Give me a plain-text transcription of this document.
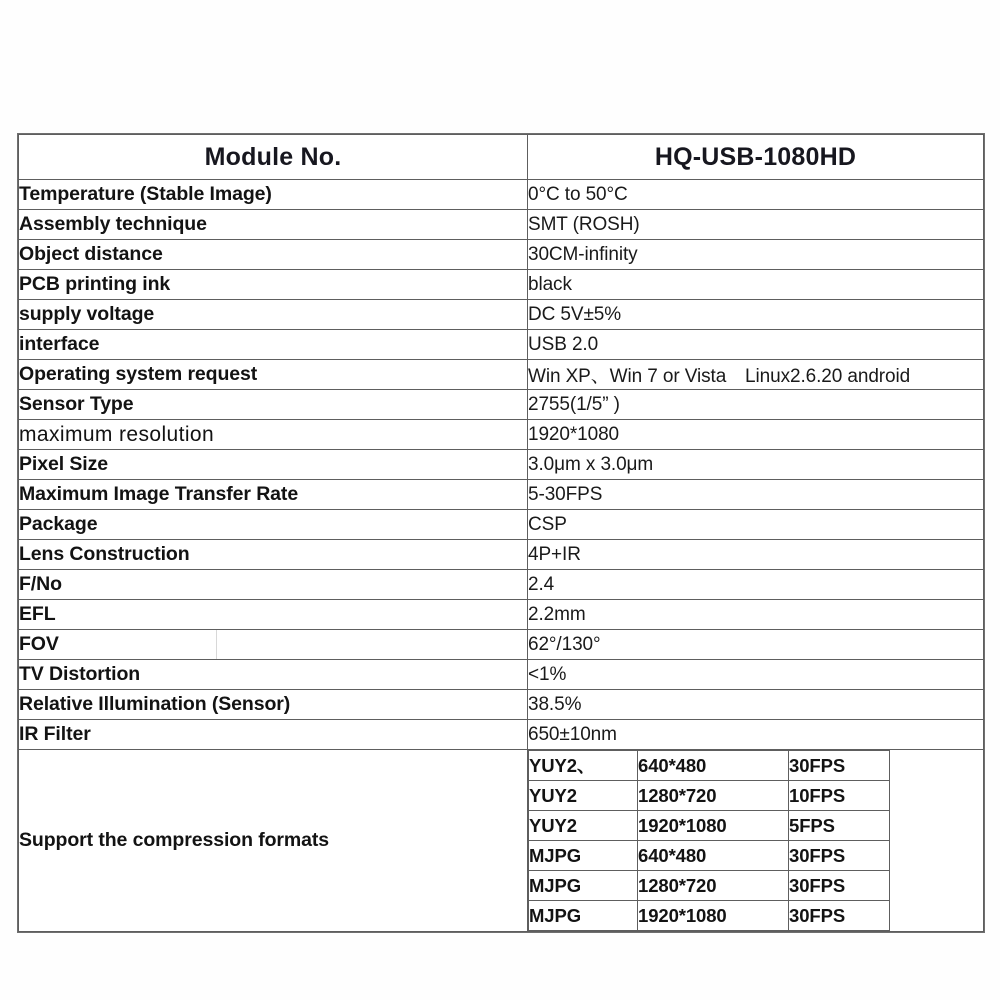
Module No.	HQ-USB-1080HD

Temperature (Stable Image)	0°C to 50°C
Assembly technique	SMT (ROSH)
Object distance	30CM-infinity
PCB printing ink	black
supply voltage	DC 5V±5%
interface	USB 2.0
Operating system request	Win XP、Win 7 or Vista　Linux2.6.20 android
Sensor Type	2755(1/5” )
maximum resolution	1920*1080
Pixel Size	3.0μm x 3.0μm
Maximum Image Transfer Rate	5-30FPS
Package	CSP
Lens Construction	4P+IR
F/No	2.4
EFL	2.2mm
FOV	62°/130°
TV Distortion	<1%
Relative Illumination (Sensor)	38.5%
IR Filter	650±10nm
Support the compression formats	
YUY2、	640*480	30FPS
YUY2	1280*720	10FPS
YUY2	1920*1080	5FPS
MJPG	640*480	30FPS
MJPG	1280*720	30FPS
MJPG	1920*1080	30FPS
